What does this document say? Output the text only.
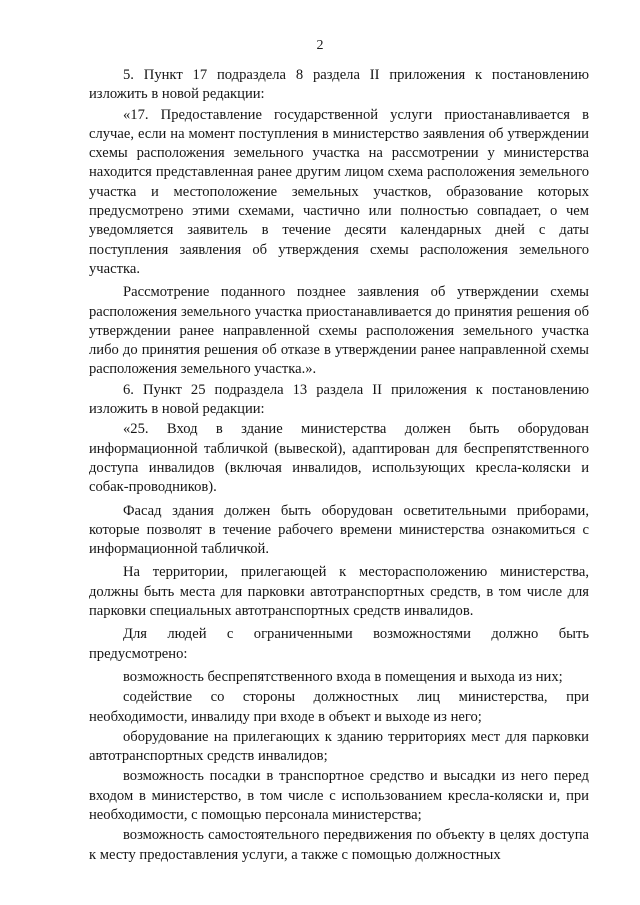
2

5. Пункт 17 подраздела 8 раздела II приложения к постановлению изложить в новой редакции:

«17. Предоставление государственной услуги приостанавливается в случае, если на момент поступления в министерство заявления об утверждении схемы расположения земельного участка на рассмотрении у министерства находится представленная ранее другим лицом схема расположения земельного участка и местоположение земельных участков, образование которых предусмотрено этими схемами, частично или полностью совпадает, о чем уведомляется заявитель в течение десяти календарных дней с даты поступления заявления об утверждения схемы расположения земельного участка.

Рассмотрение поданного позднее заявления об утверждении схемы расположения земельного участка приостанавливается до принятия решения об утверждении ранее направленной схемы расположения земельного участка либо до принятия решения об отказе в утверждении ранее направленной схемы расположения земельного участка.».

6. Пункт 25 подраздела 13 раздела II приложения к постановлению изложить в новой редакции:

«25. Вход в здание министерства должен быть оборудован информационной табличкой (вывеской), адаптирован для беспрепятственного доступа инвалидов (включая инвалидов, использующих кресла-коляски и собак-проводников).

Фасад здания должен быть оборудован осветительными приборами, которые позволят в течение рабочего времени министерства ознакомиться с информационной табличкой.

На территории, прилегающей к месторасположению министерства, должны быть места для парковки автотранспортных средств, в том числе для парковки специальных автотранспортных средств инвалидов.

Для людей с ограниченными возможностями должно быть предусмотрено:

возможность беспрепятственного входа в помещения и выхода из них;

содействие со стороны должностных лиц министерства, при необходимости, инвалиду при входе в объект и выходе из него;

оборудование на прилегающих к зданию территориях мест для парковки автотранспортных средств инвалидов;

возможность посадки в транспортное средство и высадки из него перед входом в министерство, в том числе с использованием кресла-коляски и, при необходимости, с помощью персонала министерства;

возможность самостоятельного передвижения по объекту в целях доступа к месту предоставления услуги, а также с помощью должностных
